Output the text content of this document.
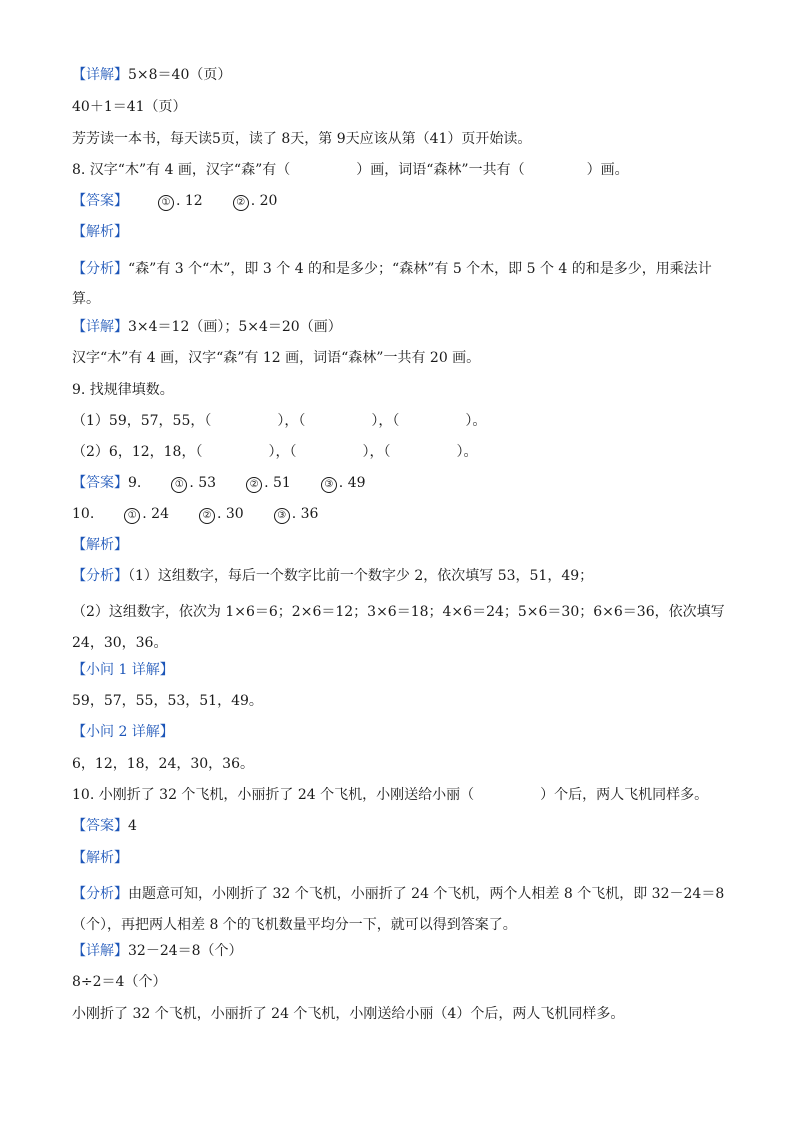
【详解】5×8＝40（页）
40＋1＝41（页）
芳芳读一本书，每天读5页，读了 8天，第 9天应该从第（41）页开始读。
8. 汉字“木”有 4 画，汉字“森”有（	）画，词语“森林”一共有（	）画。
【答案】	① . 12	② . 20
【解析】
【分析】“森”有 3 个“木”，即 3 个 4 的和是多少；“森林”有 5 个木，即 5 个 4 的和是多少，用乘法计算。
【详解】3×4＝12（画）；5×4＝20（画）
汉字“木”有 4 画，汉字“森”有 12 画，词语“森林”一共有 20 画。
9. 找规律填数。
（1）59，57，55，（	），（	），（	）。
（2）6，12，18，（	），（	），（	）。
【答案】9.	① . 53	② . 51	③ . 49
10.	① . 24	② . 30	③ . 36
【解析】
【分析】（1）这组数字，每后一个数字比前一个数字少 2，依次填写 53，51，49；
（2）这组数字，依次为 1×6＝6；2×6＝12；3×6＝18；4×6＝24；5×6＝30；6×6＝36，依次填写 24，30，36。
【小问 1 详解】
59，57，55，53，51，49。
【小问 2 详解】
6，12，18，24，30，36。
10. 小刚折了 32 个飞机，小丽折了 24 个飞机，小刚送给小丽（	）个后，两人飞机同样多。
【答案】4
【解析】
【分析】由题意可知，小刚折了 32 个飞机，小丽折了 24 个飞机，两个人相差 8 个飞机，即 32－24＝8（个），再把两人相差 8 个的飞机数量平均分一下，就可以得到答案了。
【详解】32－24＝8（个）
8÷2＝4（个）
小刚折了 32 个飞机，小丽折了 24 个飞机，小刚送给小丽（4）个后，两人飞机同样多。
